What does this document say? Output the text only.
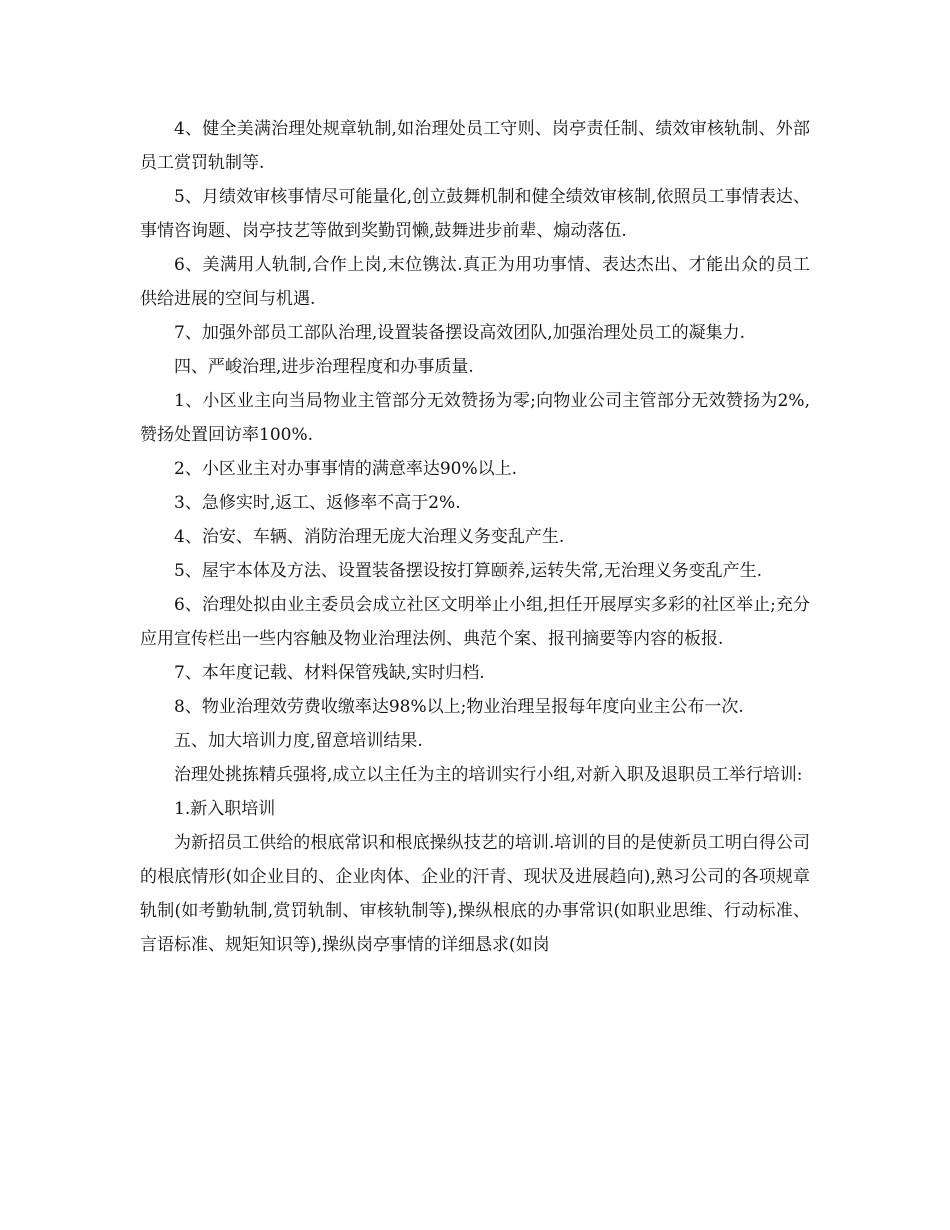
4、健全美满治理处规章轨制,如治理处员工守则、岗亭责任制、绩效审核轨制、外部员工赏罚轨制等.

5、月绩效审核事情尽可能量化,创立鼓舞机制和健全绩效审核制,依照员工事情表达、事情咨询题、岗亭技艺等做到奖勤罚懒,鼓舞进步前辈、煽动落伍.

6、美满用人轨制,合作上岗,末位镌汰.真正为用功事情、表达杰出、才能出众的员工供给进展的空间与机遇.

7、加强外部员工部队治理,设置装备摆设高效团队,加强治理处员工的凝集力.

四、严峻治理,进步治理程度和办事质量.

1、小区业主向当局物业主管部分无效赞扬为零;向物业公司主管部分无效赞扬为2%,赞扬处置回访率100%.

2、小区业主对办事事情的满意率达90%以上.

3、急修实时,返工、返修率不高于2%.

4、治安、车辆、消防治理无庞大治理义务变乱产生.

5、屋宇本体及方法、设置装备摆设按打算颐养,运转失常,无治理义务变乱产生.

6、治理处拟由业主委员会成立社区文明举止小组,担任开展厚实多彩的社区举止;充分应用宣传栏出一些内容触及物业治理法例、典范个案、报刊摘要等内容的板报.

7、本年度记载、材料保管残缺,实时归档.

8、物业治理效劳费收缴率达98%以上;物业治理呈报每年度向业主公布一次.

五、加大培训力度,留意培训结果.

治理处挑拣精兵强将,成立以主任为主的培训实行小组,对新入职及退职员工举行培训:

1.新入职培训

为新招员工供给的根底常识和根底操纵技艺的培训.培训的目的是使新员工明白得公司的根底情形(如企业目的、企业肉体、企业的汗青、现状及进展趋向),熟习公司的各项规章轨制(如考勤轨制,赏罚轨制、审核轨制等),操纵根底的办事常识(如职业思维、行动标准、言语标准、规矩知识等),操纵岗亭事情的详细恳求(如岗
